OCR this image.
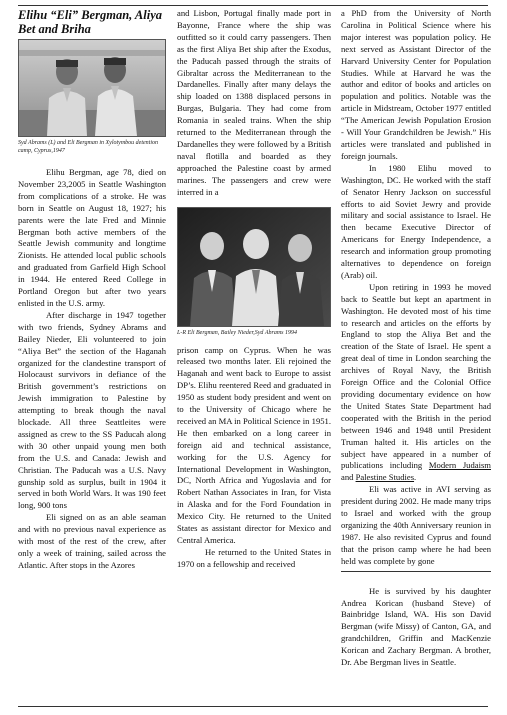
Elihu “Eli” Bergman, Aliya Bet and Briha
Syd Abrams (L) and Eli Bergman in Xylotymbou detention camp, Cyprus,1947

Elihu Bergman, age 78, died on November 23,2005 in Seattle Washington from complications of a stroke. He was born in Seattle on August 18, 1927; his parents were the late Fred and Minnie Bergman both active members of the Seattle Jewish community and longtime Zionists. He attended local public schools and graduated from Garfield High School in 1944. He entered Reed College in Portland Oregon but after two years enlisted in the U.S. army.

After discharge in 1947 together with two friends, Sydney Abrams and Bailey Nieder, Eli volunteered to join “Aliya Bet” the section of the Haganah organized for the clandestine transport of Holocaust survivors in defiance of the British government’s restrictions on Jewish immigration to Palestine by attempting to break though the naval blockade. All three Seattleites were assigned as crew to the SS Paducah along with 30 other unpaid young men both from the U.S. and Canada: Jewish and Christian. The Paducah was a U.S. Navy gunship sold as surplus, built in 1904 it served in both World Wars. It was 190 feet long, 900 tons

Eli signed on as an able seaman and with no previous naval experience as with most of the rest of the crew, after only a week of training, sailed across the Atlantic. After stops in the Azores

and Lisbon, Portugal finally made port in Bayonne, France where the ship was outfitted so it could carry passengers. Then as the first Aliya Bet ship after the Exodus, the Paducah passed through the straits of Gibraltar across the Mediterranean to the Dardanelles. Finally after many delays the ship loaded on 1388 displaced persons in Burgas, Bulgaria. They had come from Romania in sealed trains. When the ship returned to the Mediterranean through the Dardanelles they were followed by a British naval flotilla and boarded as they approached the Palestine coast by armed marines. The passengers and crew were interred in a

L-R Eli Bergman, Bailey Nieder,Syd Abrams 1994

prison camp on Cyprus. When he was released two months later. Eli rejoined the Haganah and went back to Europe to assist DP’s. Elihu reentered Reed and graduated in 1950 as student body president and went on to the University of Chicago where he received an MA in Political Science in 1951. He then embarked on a long career in foreign aid and technical assistance, working for the U.S. Agency for International Development in Washington, DC, North Africa and Yugoslavia and for Robert Nathan Associates in Iran, for Vista in Alaska and for the Ford Foundation in Mexico City. He returned to the United States as assistant director for Mexico and Central America.

He returned to the United States in 1970 on a fellowship and received

a PhD from the University of North Carolina in Political Science where his major interest was population policy. He next served as Assistant Director of the Harvard University Center for Population Studies. While at Harvard he was the author and editor of books and articles on population and politics. Notable was the article in Midstream, October 1977 entitled “The American Jewish Population Erosion - Will Your Grandchildren be Jewish.” His articles were translated and published in foreign journals.

In 1980 Elihu moved to Washington, DC. He worked with the staff of Senator Henry Jackson on successful efforts to aid Soviet Jewry and provide military and social assistance to Israel. He then became Executive Director of Americans for Energy Independence, a research and information group promoting alternatives to dependence on foreign (Arab) oil.

Upon retiring in 1993 he moved back to Seattle but kept an apartment in Washington. He devoted most of his time to research and articles on the efforts by England to stop the Aliya Bet and the creation of the State of Israel. He spent a great deal of time in London searching the archives of Royal Navy, the British Foreign Office and the Colonial Office providing documentary evidence on how the United States State Department had cooperated with the British in the period between 1946 and 1948 until President Truman halted it. His articles on the subject have appeared in a number of publications including Modern Judaism and Palestine Studies.

Eli was active in AVI serving as president during 2002. He made many trips to Israel and worked with the group organizing the 40th Anniversary reunion in 1987. He also revisited Cyprus and found that the prison camp where he had been held was complete by gone

He is survived by his daughter Andrea Korican (husband Steve) of Bainbridge Island, WA. His son David Bergman (wife Missy) of Canton, GA, and grandchildren, Griffin and MacKenzie Korican and Zachary Bergman. A brother, Dr. Abe Bergman lives in Seattle.
